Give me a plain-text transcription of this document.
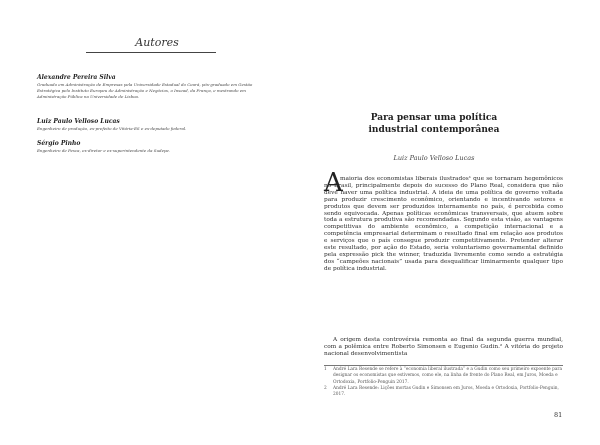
Autores
Alexandre Pereira Silva
Graduado em Administração de Empresas pela Universidade Estadual do Ceará, pós-graduado em Gestão Estratégica pelo Instituto Europeu de Administração e Negócios, o Insead, da França, e mestrando em Administração Pública na Universidade de Lisboa.
Luiz Paulo Velloso Lucas
Engenheiro de produção, ex-prefeito de Vitória-ES e ex-deputado federal.
Sérgio Pinho
Engenheiro de Pesca, ex-diretor e ex-superintendente da Sudepe.
Para pensar uma política industrial contemporânea
Luiz Paulo Velloso Lucas
A

maioria dos economistas liberais ilustrados¹ que se tornaram hegemônicos no Brasil, principalmente depois do sucesso do Plano Real, considera que não deve haver uma política industrial. A ideia de uma política de governo voltada para produzir crescimento econômico, orientando e incentivando setores e produtos que devem ser produzidos internamente no país, é percebida como sendo equivocada. Apenas políticas econômicas transversais, que atuem sobre toda a estrutura produtiva são recomendadas. Segundo esta visão, as vantagens competitivas do ambiente econômico, a competição internacional e a competência empresarial determinam o resultado final em relação aos produtos e serviços que o país consegue produzir competitivamente. Pretender alterar este resultado, por ação do Estado, seria voluntarismo governamental definido pela expressão pick the winner, traduzida livremente como sendo a estratégia dos “campeões nacionais” usada para desqualificar liminarmente qualquer tipo de política industrial.

A origem desta controvérsia remonta ao final da segunda guerra mundial, com a polêmica entre Roberto Simonsen e Eugenio Gudin.² A vitória do projeto nacional desenvolvimentista

1	André Lara Resende se refere à “economia liberal ilustrada” e a Gudin como seu primeiro expoente para designar os economistas que estivemos, como ele, na linha de frente do Plano Real, em Juros, Moeda e Ortodoxia, Portfolio-Penguin 2017.
2	André Lara Resende: Lições mortas Gudin e Simonsen em Juros, Moeda e Ortodoxia, Portfolio-Penguin, 2017.
81
